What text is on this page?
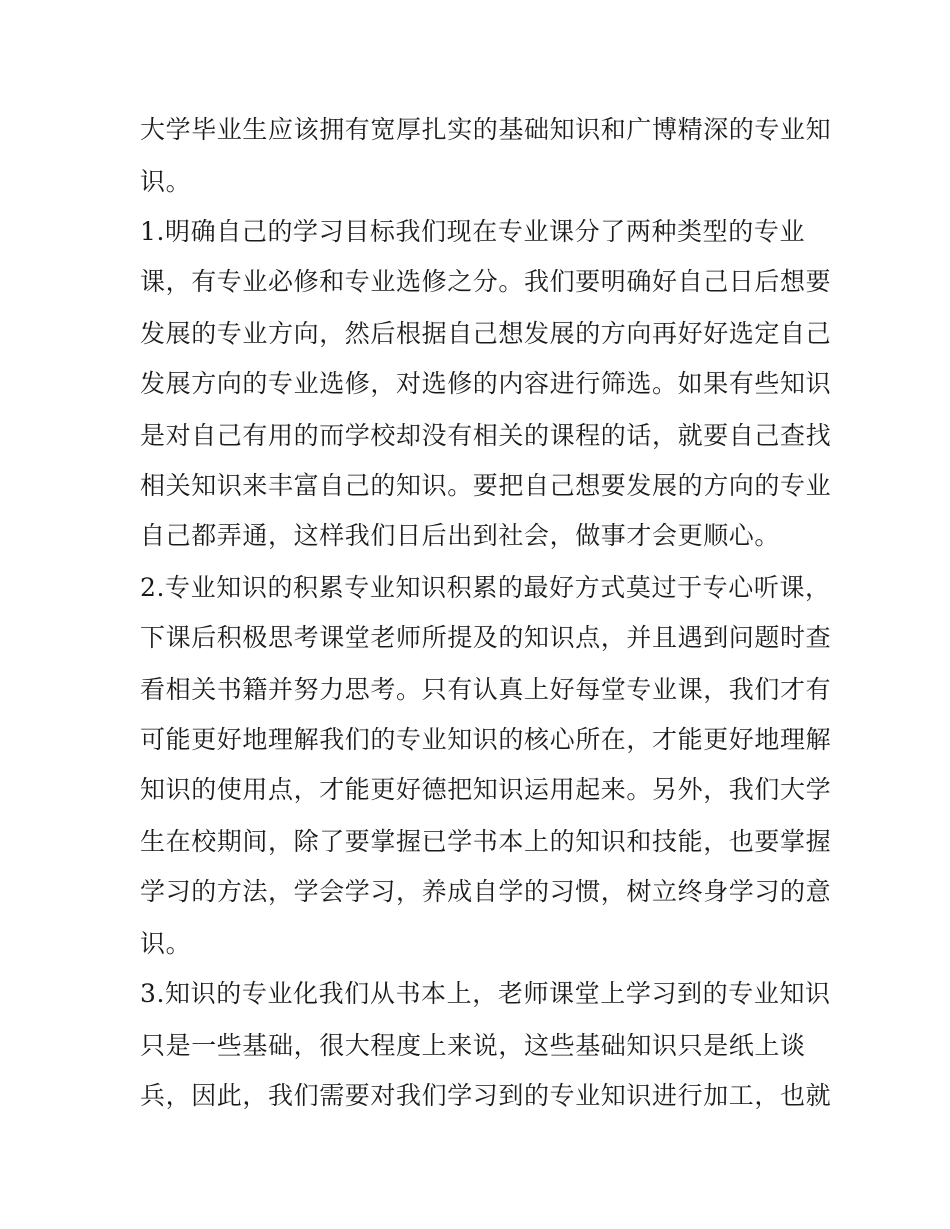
大学毕业生应该拥有宽厚扎实的基础知识和广博精深的专业知
识。
1.明确自己的学习目标我们现在专业课分了两种类型的专业
课，有专业必修和专业选修之分。我们要明确好自己日后想要
发展的专业方向，然后根据自己想发展的方向再好好选定自己
发展方向的专业选修，对选修的内容进行筛选。如果有些知识
是对自己有用的而学校却没有相关的课程的话，就要自己查找
相关知识来丰富自己的知识。要把自己想要发展的方向的专业
自己都弄通，这样我们日后出到社会，做事才会更顺心。
2.专业知识的积累专业知识积累的最好方式莫过于专心听课，
下课后积极思考课堂老师所提及的知识点，并且遇到问题时查
看相关书籍并努力思考。只有认真上好每堂专业课，我们才有
可能更好地理解我们的专业知识的核心所在，才能更好地理解
知识的使用点，才能更好德把知识运用起来。另外，我们大学
生在校期间，除了要掌握已学书本上的知识和技能，也要掌握
学习的方法，学会学习，养成自学的习惯，树立终身学习的意
识。
3.知识的专业化我们从书本上，老师课堂上学习到的专业知识
只是一些基础，很大程度上来说，这些基础知识只是纸上谈
兵，因此，我们需要对我们学习到的专业知识进行加工，也就
